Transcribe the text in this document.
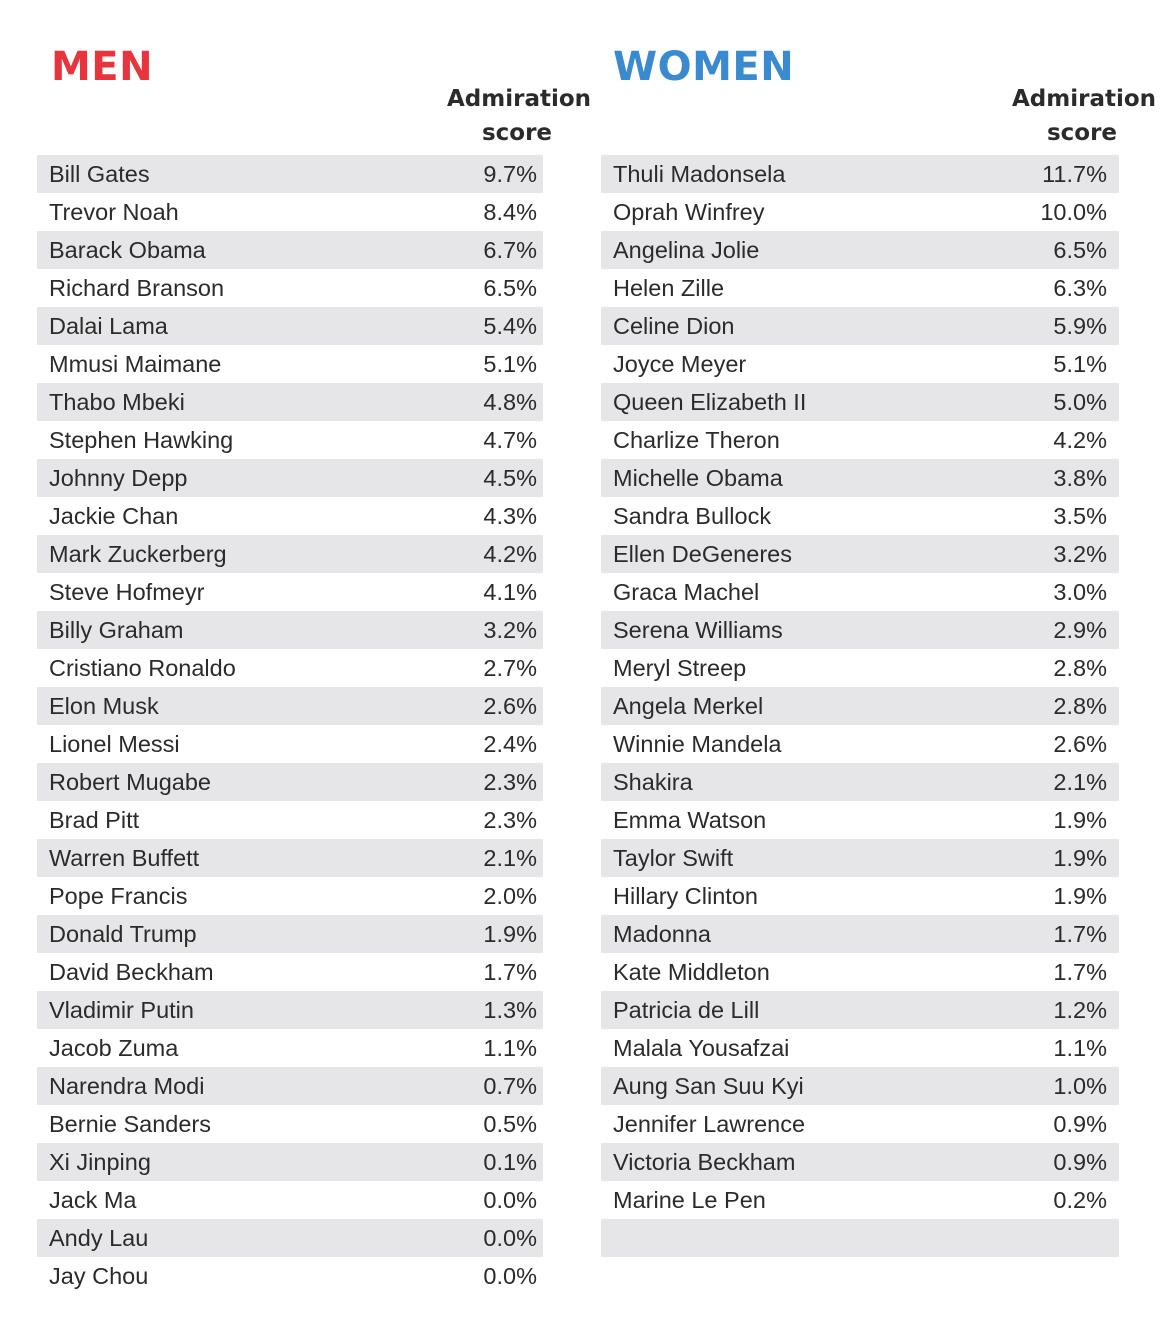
MEN
Admiration
score
Bill Gates	9.7%
Trevor Noah	8.4%
Barack Obama	6.7%
Richard Branson	6.5%
Dalai Lama	5.4%
Mmusi Maimane	5.1%
Thabo Mbeki	4.8%
Stephen Hawking	4.7%
Johnny Depp	4.5%
Jackie Chan	4.3%
Mark Zuckerberg	4.2%
Steve Hofmeyr	4.1%
Billy Graham	3.2%
Cristiano Ronaldo	2.7%
Elon Musk	2.6%
Lionel Messi	2.4%
Robert Mugabe	2.3%
Brad Pitt	2.3%
Warren Buffett	2.1%
Pope Francis	2.0%
Donald Trump	1.9%
David Beckham	1.7%
Vladimir Putin	1.3%
Jacob Zuma	1.1%
Narendra Modi	0.7%
Bernie Sanders	0.5%
Xi Jinping	0.1%
Jack Ma	0.0%
Andy Lau	0.0%
Jay Chou	0.0%
WOMEN
Admiration
score
Thuli Madonsela	11.7%
Oprah Winfrey	10.0%
Angelina Jolie	6.5%
Helen Zille	6.3%
Celine Dion	5.9%
Joyce Meyer	5.1%
Queen Elizabeth II	5.0%
Charlize Theron	4.2%
Michelle Obama	3.8%
Sandra Bullock	3.5%
Ellen DeGeneres	3.2%
Graca Machel	3.0%
Serena Williams	2.9%
Meryl Streep	2.8%
Angela Merkel	2.8%
Winnie Mandela	2.6%
Shakira	2.1%
Emma Watson	1.9%
Taylor Swift	1.9%
Hillary Clinton	1.9%
Madonna	1.7%
Kate Middleton	1.7%
Patricia de Lill	1.2%
Malala Yousafzai	1.1%
Aung San Suu Kyi	1.0%
Jennifer Lawrence	0.9%
Victoria Beckham	0.9%
Marine Le Pen	0.2%
